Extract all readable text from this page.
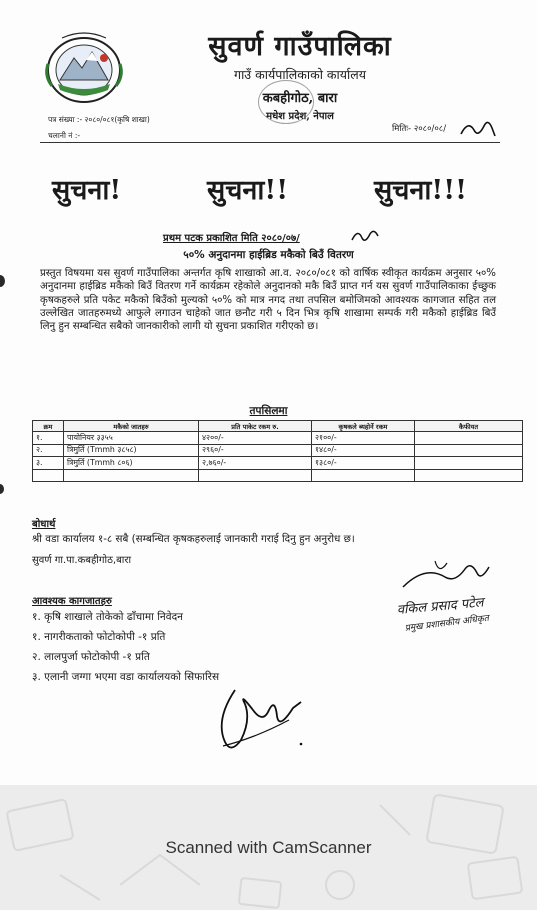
सुवर्ण गाउँपालिका
गाउँ कार्यपालिकाको कार्यालय
कबहीगोठ, बारा
मधेश प्रदेश, नेपाल
पत्र संख्या :- २०८०/०८१(कृषि शाखा)
चलानी नं :-
मितिः- २०८०/०८/
सुचना!	सुचना!!	सुचना!!!
प्रथम पटक प्रकाशित मिति २०८०/०७/
५०% अनुदानमा हाईब्रिड मकैको बिउँ वितरण
प्रस्तुत विषयमा यस सुवर्ण गाउँपालिका अन्तर्गत कृषि शाखाको आ.व. २०८०/०८१ को वार्षिक स्वीकृत कार्यक्रम अनुसार ५०% अनुदानमा हाईब्रिड मकैको बिउँ वितरण गर्ने कार्यक्रम रहेकोले अनुदानको मकै बिउँ प्राप्त गर्न यस सुवर्ण गाउँपालिकाका ईच्छुक कृषकहरुले प्रति पकेट मकैको बिउँको मुल्यको ५०% को मात्र नगद तथा तपसिल बमोजिमको आवश्यक कागजात सहित तल उल्लेखित जातहरुमध्ये आफुले लगाउन चाहेको जात छनौट गरी ५ दिन भित्र कृषि शाखामा सम्पर्क गरी मकैको हाईब्रिड बिउँ लिनु हुन सम्बन्धित सबैको जानकारीको लागी यो सुचना प्रकाशित गरीएको छ।
तपसिलमा
क्रम	मकैको जातहरु	प्रति पाकेट रकम रु.	कृषकले ब्यहोर्ने रकम	कैफीयत
१.	पायोनियर ३३५५	४२००/-	२१००/-	
२.	त्रिमुर्ति (Tmmh ३८५८)	२९६०/-	१४८०/-	
३.	त्रिमुर्ति (Tmmh ८०६)	२,७६०/-	१३८०/-	

बोधार्थ
श्री वडा कार्यालय १-८ सबै (सम्बन्धित कृषकहरुलाई जानकारी गराई दिनु हुन अनुरोध छ।
सुवर्ण गा.पा.कबहीगोठ,बारा
आवश्यक कागजातहरु
१. कृषि शाखाले तोकेको ढाँचामा निवेदन
१. नागरीकताको फोटोकोपी -१ प्रति
२. लालपुर्जा फोटोकोपी -१ प्रति
३. एलानी जग्गा भएमा वडा कार्यालयको सिफारिस
वकिल प्रसाद पटेल
प्रमुख प्रशासकीय अधिकृत
Scanned with CamScanner
